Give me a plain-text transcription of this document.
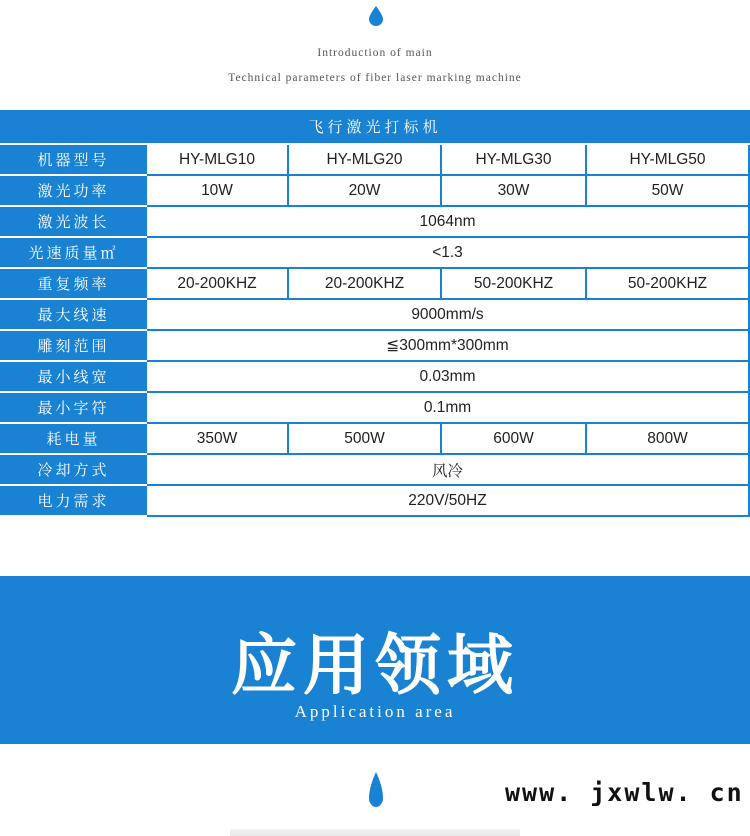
Introduction of main
Technical parameters of fiber laser marking machine
飞行激光打标机
机器型号	HY-MLG10	HY-MLG20	HY-MLG30	HY-MLG50
激光功率	10W	20W	30W	50W
激光波长	1064nm
光速质量㎡	<1.3
重复频率	20-200KHZ	20-200KHZ	50-200KHZ	50-200KHZ
最大线速	9000mm/s
雕刻范围	≦300mm*300mm
最小线宽	0.03mm
最小字符	0.1mm
耗电量	350W	500W	600W	800W
冷却方式	风冷
电力需求	220V/50HZ
应用领域
Application area
www. jxwlw. cn
